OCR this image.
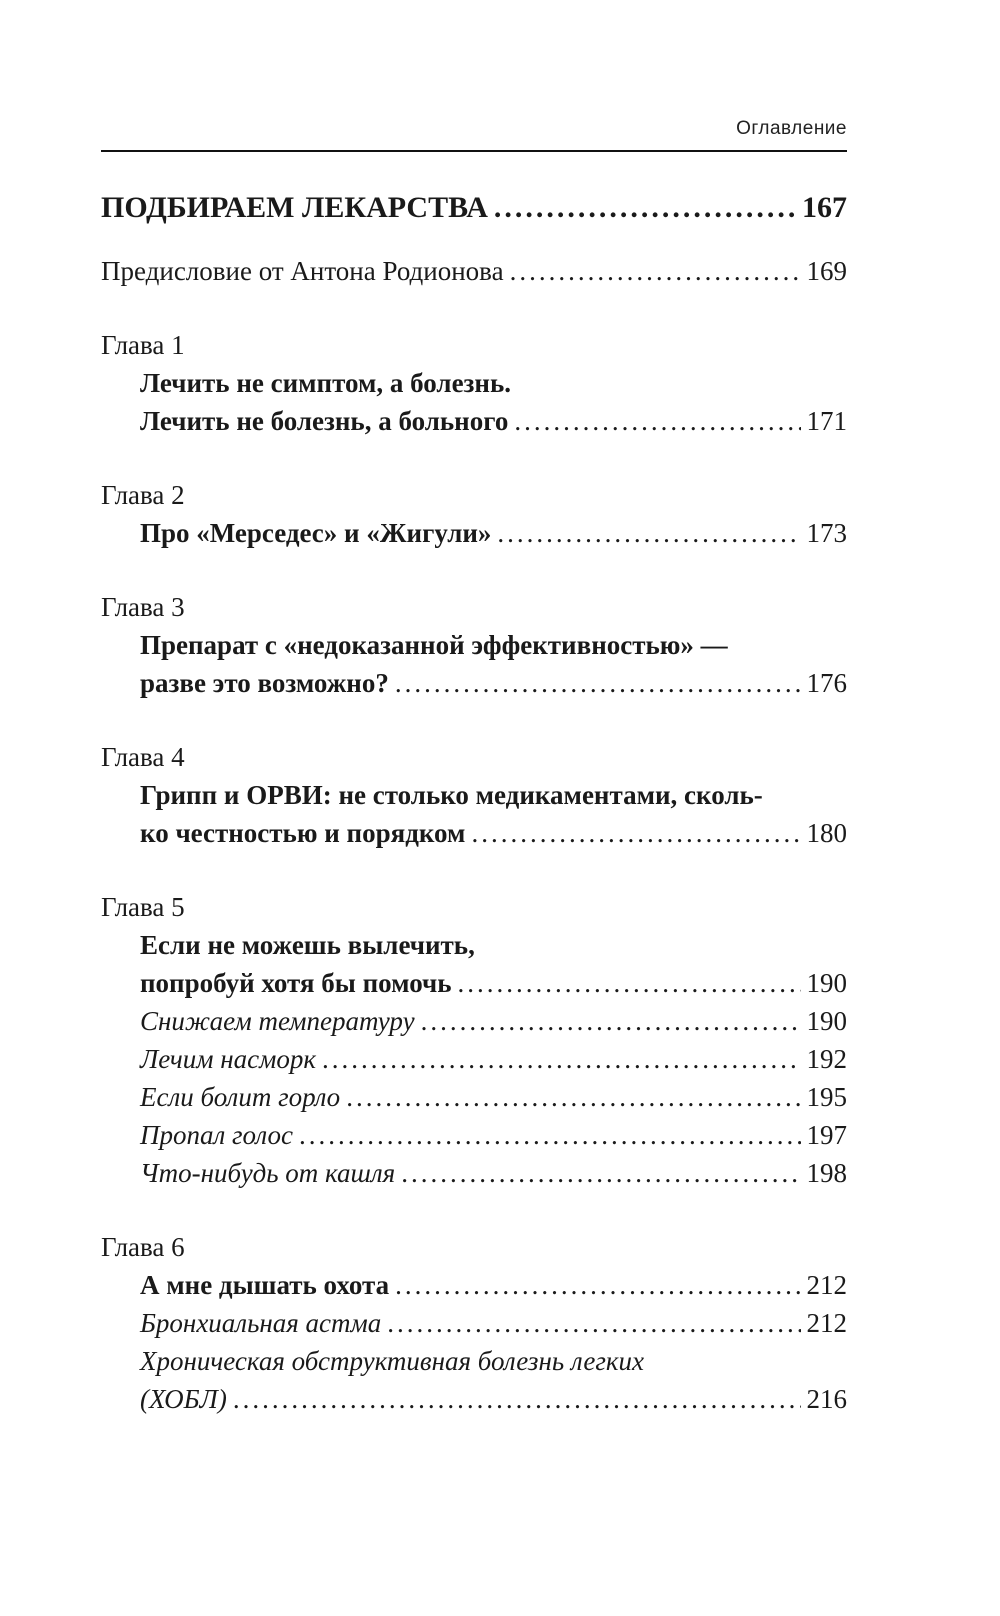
Оглавление
ПОДБИРАЕМ ЛЕКАРСТВА .....	167
Предисловие от Антона Родионова .....	169
Глава 1
Лечить не симптом, а болезнь.
Лечить не болезнь, а больного .....	171
Глава 2
Про «Мерседес» и «Жигули» .....	173
Глава 3
Препарат с «недоказанной эффективностью» —
разве это возможно? .....	176
Глава 4
Грипп и ОРВИ: не столько медикаментами, сколь-
ко честностью и порядком .....	180
Глава 5
Если не можешь вылечить,
попробуй хотя бы помочь .....	190
Снижаем температуру .....	190
Лечим насморк .....	192
Если болит горло .....	195
Пропал голос .....	197
Что-нибудь от кашля .....	198
Глава 6
А мне дышать охота .....	212
Бронхиальная астма .....	212
Хроническая обструктивная болезнь легких
(ХОБЛ) .....	216
